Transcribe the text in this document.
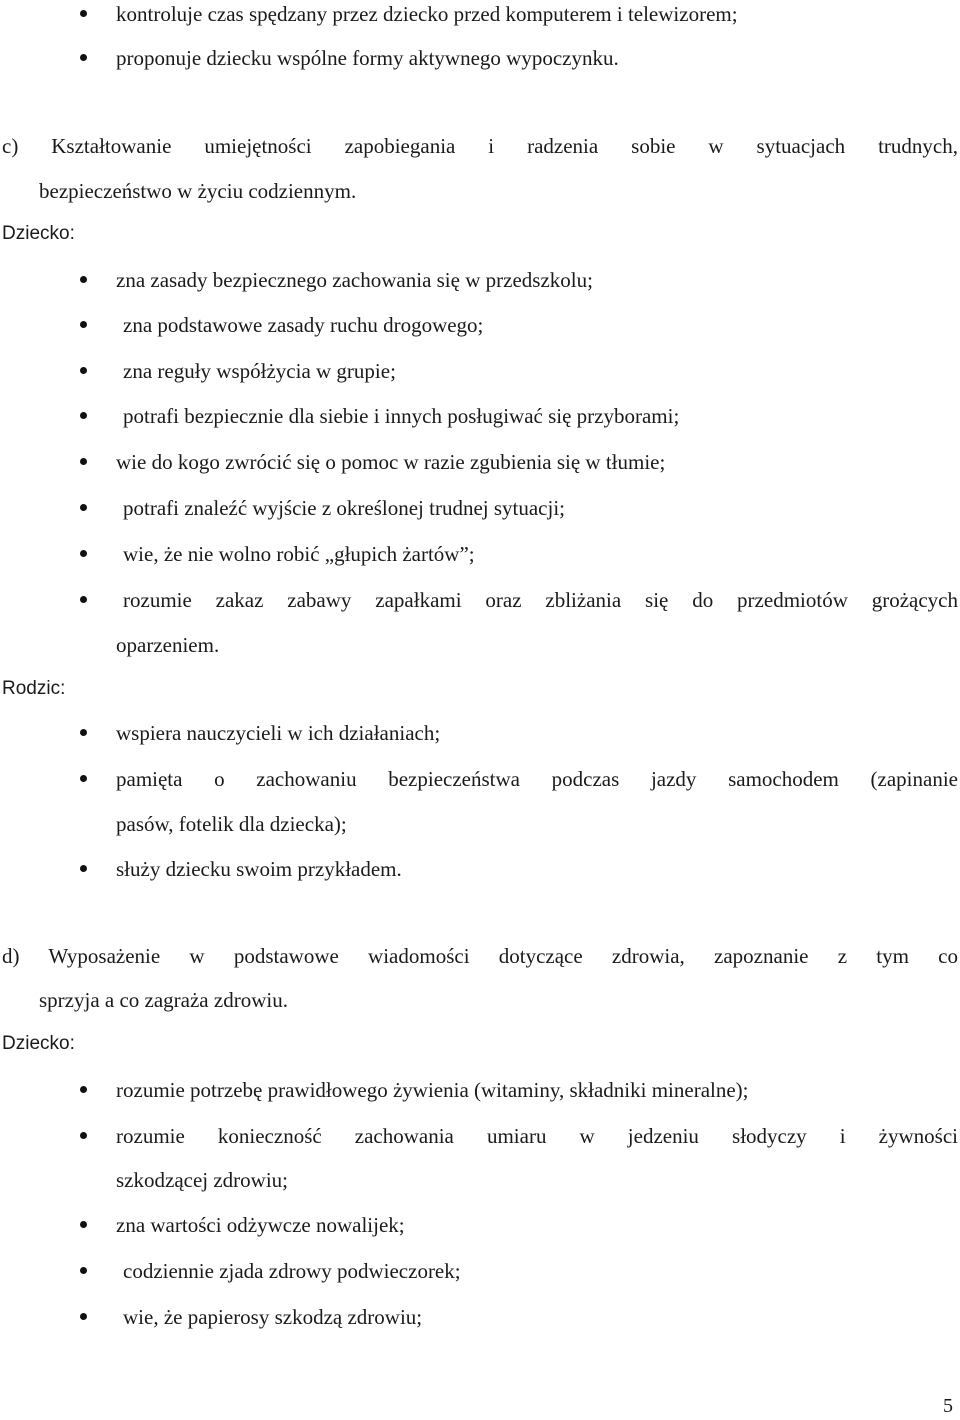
kontroluje czas spędzany przez dziecko przed komputerem i telewizorem;
proponuje dziecku wspólne formy aktywnego wypoczynku.
c) Kształtowanie umiejętności zapobiegania i radzenia sobie w sytuacjach trudnych,
bezpieczeństwo w życiu codziennym.
Dziecko:
zna zasady bezpiecznego zachowania się w przedszkolu;
zna podstawowe zasady ruchu drogowego;
zna reguły współżycia w grupie;
potrafi bezpiecznie dla siebie i innych posługiwać się przyborami;
wie do kogo zwrócić się o pomoc w razie zgubienia się w tłumie;
potrafi znaleźć wyjście z określonej trudnej sytuacji;
wie, że nie wolno robić „głupich żartów”;
rozumie zakaz zabawy zapałkami oraz zbliżania się do przedmiotów grożących
oparzeniem.
Rodzic:
wspiera nauczycieli w ich działaniach;
pamięta o zachowaniu bezpieczeństwa podczas jazdy samochodem (zapinanie
pasów, fotelik dla dziecka);
służy dziecku swoim przykładem.
d) Wyposażenie w podstawowe wiadomości dotyczące zdrowia, zapoznanie z tym co
sprzyja a co zagraża zdrowiu.
Dziecko:
rozumie potrzebę prawidłowego żywienia (witaminy, składniki mineralne);
rozumie konieczność zachowania umiaru w jedzeniu słodyczy i żywności
szkodzącej zdrowiu;
zna wartości odżywcze nowalijek;
codziennie zjada zdrowy podwieczorek;
wie, że papierosy szkodzą zdrowiu;
5
